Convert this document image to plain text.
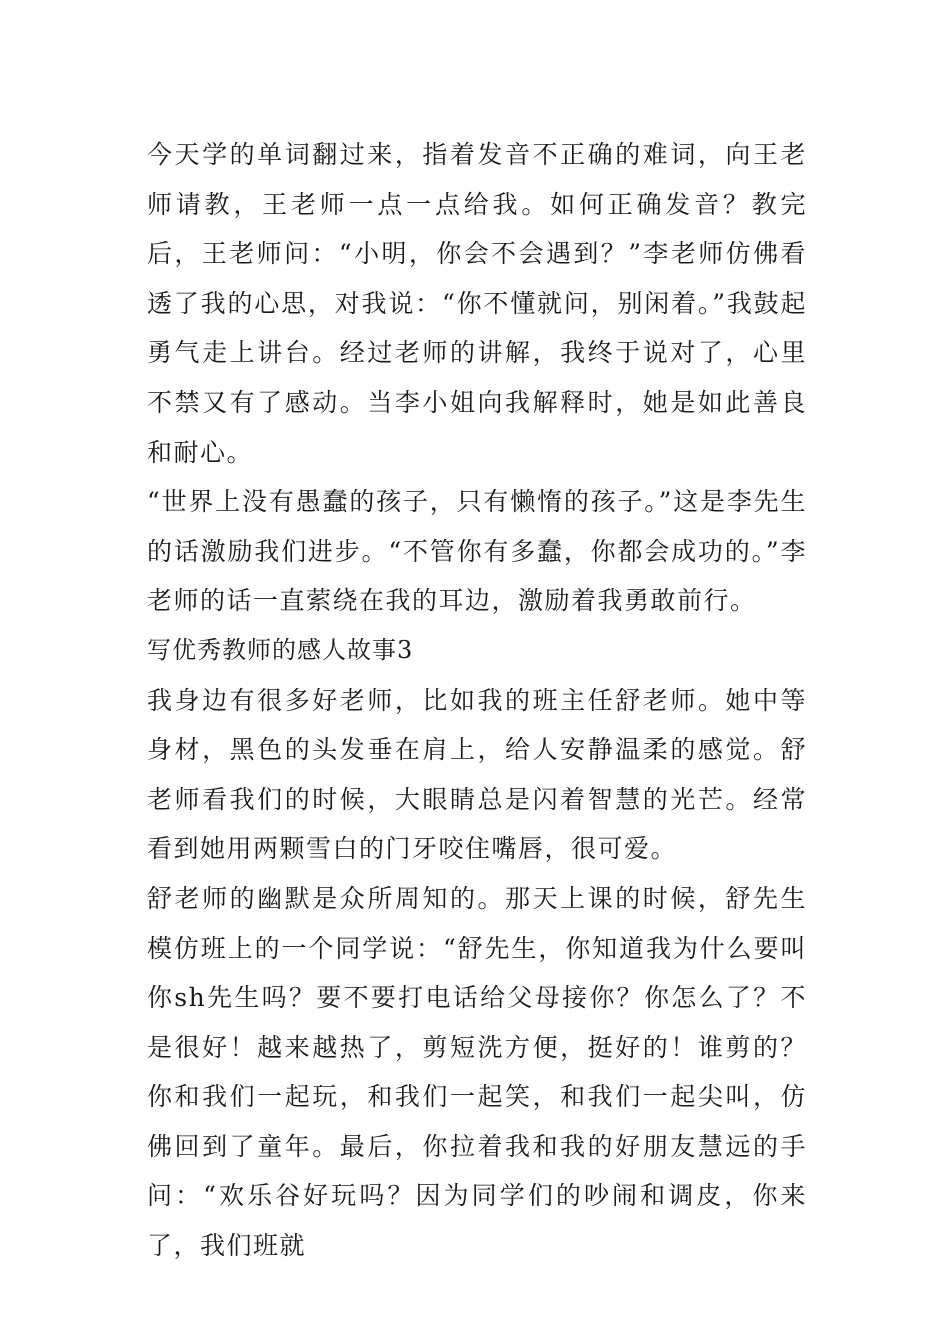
今天学的单词翻过来，指着发音不正确的难词，向王老师请教，王老师一点一点给我。如何正确发音？教完后，王老师问：“小明，你会不会遇到？”李老师仿佛看透了我的心思，对我说：“你不懂就问，别闲着。”我鼓起勇气走上讲台。经过老师的讲解，我终于说对了，心里不禁又有了感动。当李小姐向我解释时，她是如此善良和耐心。

“世界上没有愚蠢的孩子，只有懒惰的孩子。”这是李先生的话激励我们进步。“不管你有多蠢，你都会成功的。”李老师的话一直萦绕在我的耳边，激励着我勇敢前行。

写优秀教师的感人故事3

我身边有很多好老师，比如我的班主任舒老师。她中等身材，黑色的头发垂在肩上，给人安静温柔的感觉。舒老师看我们的时候，大眼睛总是闪着智慧的光芒。经常看到她用两颗雪白的门牙咬住嘴唇，很可爱。

舒老师的幽默是众所周知的。那天上课的时候，舒先生模仿班上的一个同学说：“舒先生，你知道我为什么要叫你sh先生吗？要不要打电话给父母接你？你怎么了？不是很好！越来越热了，剪短洗方便，挺好的！谁剪的？你和我们一起玩，和我们一起笑，和我们一起尖叫，仿佛回到了童年。最后，你拉着我和我的好朋友慧远的手问：“欢乐谷好玩吗？因为同学们的吵闹和调皮，你来了，我们班就
